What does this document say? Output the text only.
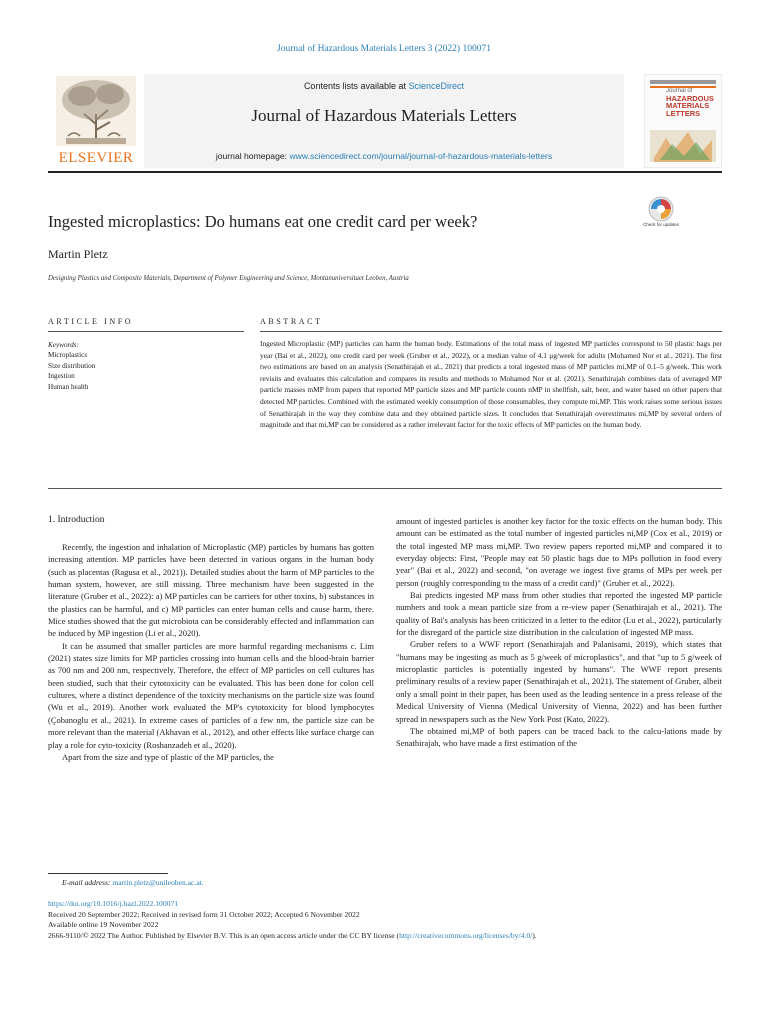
Journal of Hazardous Materials Letters 3 (2022) 100071
ELSEVIER
Contents lists available at ScienceDirect
Journal of Hazardous Materials Letters
journal homepage: www.sciencedirect.com/journal/journal-of-hazardous-materials-letters
Journal of
HAZARDOUS
MATERIALS
LETTERS
Ingested microplastics: Do humans eat one credit card per week?	Check for updates
Martin Pletz
Designing Plastics and Composite Materials, Department of Polymer Engineering and Science, Montanuniversitaet Leoben, Austria
ARTICLE INFO	ABSTRACT
Keywords:
Microplastics
Size distribution
Ingestion
Human health
Ingested Microplastic (MP) particles can harm the human body. Estimations of the total mass of ingested MP particles correspond to 50 plastic bags per year (Bai et al., 2022), one credit card per week (Gruber et al., 2022), or a median value of 4.1 μg/week for adults (Mohamed Nor et al., 2021). The first two estimations are based on an analysis (Senathirajah et al., 2021) that predicts a total ingested mass of MP particles mi,MP of 0.1–5 g/week. This work revisits and evaluates this calculation and compares its results and methods to Mohamed Nor et al. (2021). Senathirajah combines data of averaged MP particle masses mMP from papers that reported MP particle sizes and MP particle counts nMP in shellfish, salt, beer, and water based on other papers that detected MP particles. Combined with the estimated weekly consumption of those consumables, they compute mi,MP. This work raises some serious issues of Senathirajah in the way they combine data and they obtained particle sizes. It concludes that Senathirajah overestimates mi,MP by several orders of magnitude and that mi,MP can be considered as a rather irrelevant factor for the toxic effects of MP particles on the human body.
1. Introduction

Recently, the ingestion and inhalation of Microplastic (MP) particles by humans has gotten increasing attention. MP particles have been detected in various organs in the human body (such as placentas (Ragusa et al., 2021)). Detailed studies about the harm of MP particles to the human system, however, are still missing. Three mechanism have been suggested in the literature (Gruber et al., 2022): a) MP particles can be carriers for other toxins, b) substances in the plastics can be harmful, and c) MP particles can enter human cells and cause harm, there. Mice studies showed that the gut microbiota can be considerably effected and inflammation can be induced by MP ingestion (Li et al., 2020).

It can be assumed that smaller particles are more harmful regarding mechanisms c. Lim (2021) states size limits for MP particles crossing into human cells and the blood-brain barrier as 700 nm and 200 nm, respectively. Therefore, the effect of MP particles on cell cultures has been studied, such that their cytotoxicity can be evaluated. This has been done for colon cell cultures, where a distinct dependence of the toxicity mechanisms on the particle size was found (Wu et al., 2019). Another work evaluated the MP's cytotoxicity for blood lymphocytes (Çobanoglu et al., 2021). In extreme cases of particles of a few nm, the particle size can be more relevant than the material (Akhavan et al., 2012), and other effects like surface charge can play a role for cyto-toxicity (Roshanzadeh et al., 2020).

Apart from the size and type of plastic of the MP particles, the

amount of ingested particles is another key factor for the toxic effects on the human body. This amount can be estimated as the total number of ingested particles ni,MP (Cox et al., 2019) or the total ingested MP mass mi,MP. Two review papers reported mi,MP and compared it to everyday objects: First, "People may eat 50 plastic bags due to MPs pollution in food every year" (Bai et al., 2022) and second, "on average we ingest five grams of MPs per week per person (roughly corresponding to the mass of a credit card)" (Gruber et al., 2022).

Bai predicts ingested MP mass from other studies that reported the ingested MP particle numbers and took a mean particle size from a re-view paper (Senathirajah et al., 2021). The quality of Bai's analysis has been criticized in a letter to the editor (Lu et al., 2022), particularly for the disregard of the particle size distribution in the calculation of ingested MP mass.

Gruber refers to a WWF report (Senathirajah and Palanisami, 2019), which states that "humans may be ingesting as much as 5 g/week of microplastics", and that "up to 5 g/week of microplastic particles is potentially ingested by humans". The WWF report presents preliminary results of a review paper (Senathirajah et al., 2021). The statement of Gruber, albeit only a small point in their paper, has been used as the leading sentence in a press release of the Medical University of Vienna (Medical University of Vienna, 2022) and has been further spread in newspapers such as the New York Post (Kato, 2022).

The obtained mi,MP of both papers can be traced back to the calcu-lations made by Senathirajah, who have made a first estimation of the

E-mail address: martin.pletz@unileoben.ac.at.
https://doi.org/10.1016/j.hazl.2022.100071
Received 20 September 2022; Received in revised form 31 October 2022; Accepted 6 November 2022
Available online 19 November 2022
2666-9110/© 2022 The Author. Published by Elsevier B.V. This is an open access article under the CC BY license (http://creativecommons.org/licenses/by/4.0/).
